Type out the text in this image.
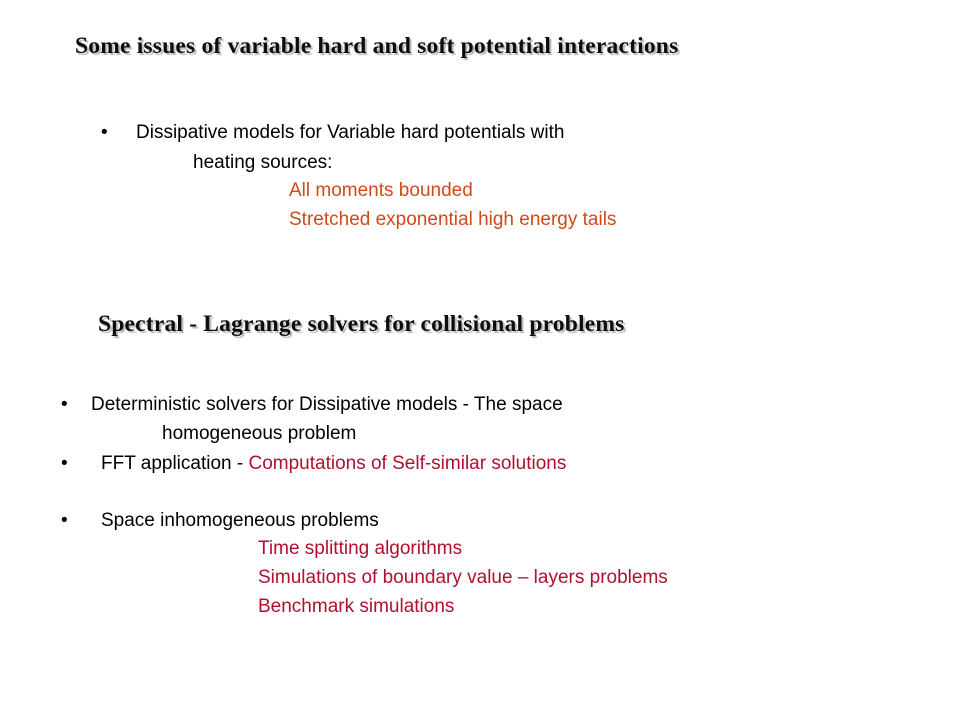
Some issues of variable hard and soft potential interactions
• Dissipative models for Variable hard potentials with

heating sources:

All moments bounded

Stretched exponential high energy tails

Spectral - Lagrange solvers for collisional problems
• Deterministic solvers for Dissipative models - The space

homogeneous problem

• FFT application - Computations of Self-similar solutions

• Space inhomogeneous problems

Time splitting algorithms

Simulations of boundary value – layers problems

Benchmark simulations
